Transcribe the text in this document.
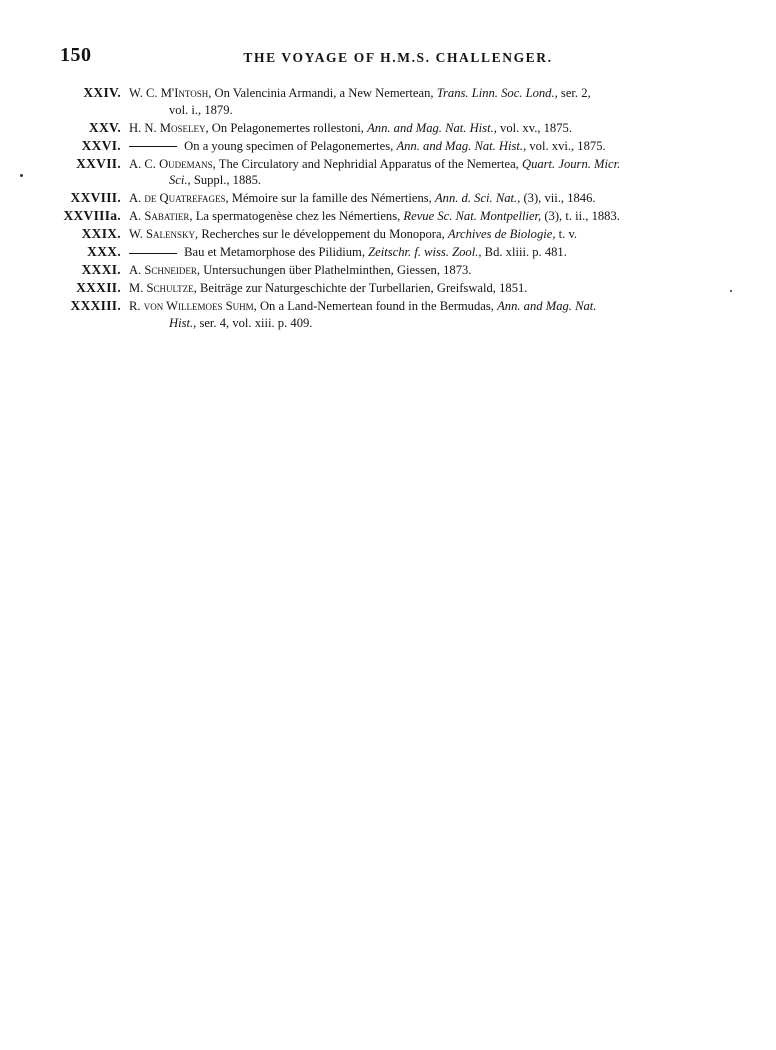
150	THE VOYAGE OF H.M.S. CHALLENGER.
XXIV. W. C. M'Intosh, On Valencinia Armandi, a New Nemertean, Trans. Linn. Soc. Lond., ser. 2,
vol. i., 1879.
XXV. H. N. Moseley, On Pelagonemertes rollestoni, Ann. and Mag. Nat. Hist., vol. xv., 1875.
XXVI.	On a young specimen of Pelagonemertes, Ann. and Mag. Nat. Hist., vol. xvi., 1875.
XXVII. A. C. Oudemans, The Circulatory and Nephridial Apparatus of the Nemertea, Quart. Journ. Micr.
Sci., Suppl., 1885.
XXVIII. A. de Quatrefages, Mémoire sur la famille des Némertiens, Ann. d. Sci. Nat., (3), vii., 1846.
XXVIIIa. A. Sabatier, La spermatogenèse chez les Némertiens, Revue Sc. Nat. Montpellier, (3), t. ii., 1883.
XXIX. W. Salensky, Recherches sur le développement du Monopora, Archives de Biologie, t. v.
XXX.	Bau et Metamorphose des Pilidium, Zeitschr. f. wiss. Zool., Bd. xliii. p. 481.
XXXI. A. Schneider, Untersuchungen über Plathelminthen, Giessen, 1873.
XXXII. M. Schultze, Beiträge zur Naturgeschichte der Turbellarien, Greifswald, 1851.
XXXIII. R. von Willemoes Suhm, On a Land-Nemertean found in the Bermudas, Ann. and Mag. Nat.
Hist., ser. 4, vol. xiii. p. 409.
